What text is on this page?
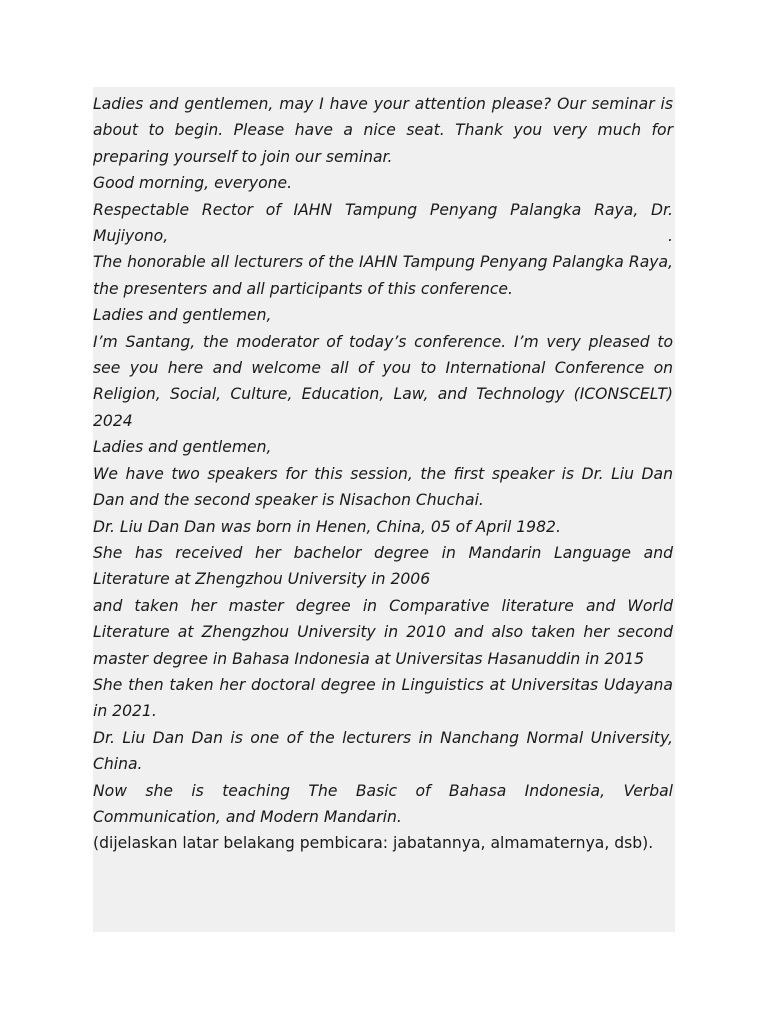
Ladies and gentlemen, may I have your attention please? Our seminar is about to begin. Please have a nice seat. Thank you very much for preparing yourself to join our seminar.

Good morning, everyone.

Respectable Rector of IAHN Tampung Penyang Palangka Raya, Dr. Mujiyono, .

The honorable all lecturers of the IAHN Tampung Penyang Palangka Raya, the presenters and all participants of this conference.

Ladies and gentlemen,

I’m Santang, the moderator of today’s conference. I’m very pleased to see you here and welcome all of you to International Conference on Religion, Social, Culture, Education, Law, and Technology (ICONSCELT) 2024

Ladies and gentlemen,

We have two speakers for this session, the first speaker is Dr. Liu Dan Dan and the second speaker is Nisachon Chuchai.

Dr. Liu Dan Dan was born in Henen, China, 05 of April 1982.

She has received her bachelor degree in Mandarin Language and Literature at Zhengzhou University in 2006

and taken her master degree in Comparative literature and World Literature at Zhengzhou University in 2010 and also taken her second master degree in Bahasa Indonesia at Universitas Hasanuddin in 2015

She then taken her doctoral degree in Linguistics at Universitas Udayana in 2021.

Dr. Liu Dan Dan is one of the lecturers in Nanchang Normal University, China.

Now she is teaching The Basic of Bahasa Indonesia, Verbal Communication, and Modern Mandarin.

(dijelaskan latar belakang pembicara: jabatannya, almamaternya, dsb).
